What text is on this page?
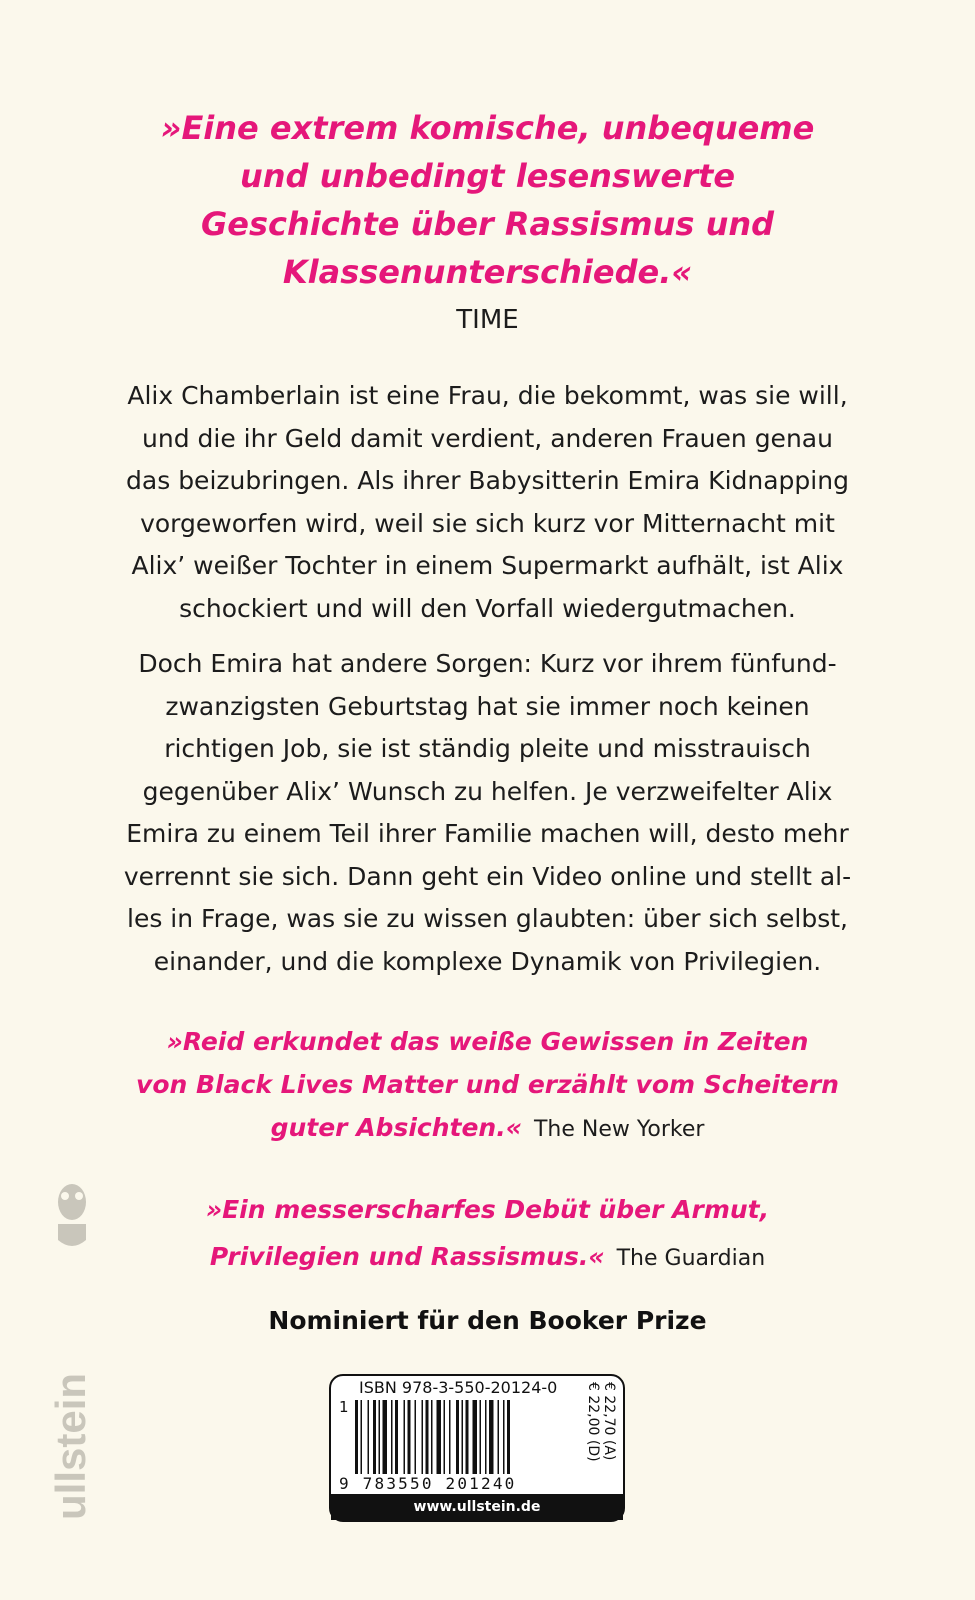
»Eine extrem komische, unbequeme
und unbedingt lesenswerte
Geschichte über Rassismus und
Klassenunterschiede.«
TIME
Alix Chamberlain ist eine Frau, die bekommt, was sie will,
und die ihr Geld damit verdient, anderen Frauen genau
das beizubringen. Als ihrer Babysitterin Emira Kidnapping
vorgeworfen wird, weil sie sich kurz vor Mitternacht mit
Alix’ weißer Tochter in einem Supermarkt aufhält, ist Alix
schockiert und will den Vorfall wiedergutmachen.
Doch Emira hat andere Sorgen: Kurz vor ihrem fünfund-
zwanzigsten Geburtstag hat sie immer noch keinen
richtigen Job, sie ist ständig pleite und misstrauisch
gegenüber Alix’ Wunsch zu helfen. Je verzweifelter Alix
Emira zu einem Teil ihrer Familie machen will, desto mehr
verrennt sie sich. Dann geht ein Video online und stellt al-
les in Frage, was sie zu wissen glaubten: über sich selbst,
einander, und die komplexe Dynamik von Privilegien.
»Reid erkundet das weiße Gewissen in Zeiten
von Black Lives Matter und erzählt vom Scheitern
guter Absichten.« The New Yorker
»Ein messerscharfes Debüt über Armut,
Privilegien und Rassismus.« The Guardian
Nominiert für den Booker Prize
ullstein	ISBN 978-3-550-20124-0
1
9 783550 201240
€ 22,00 (D) € 22,70 (A)
www.ullstein.de
